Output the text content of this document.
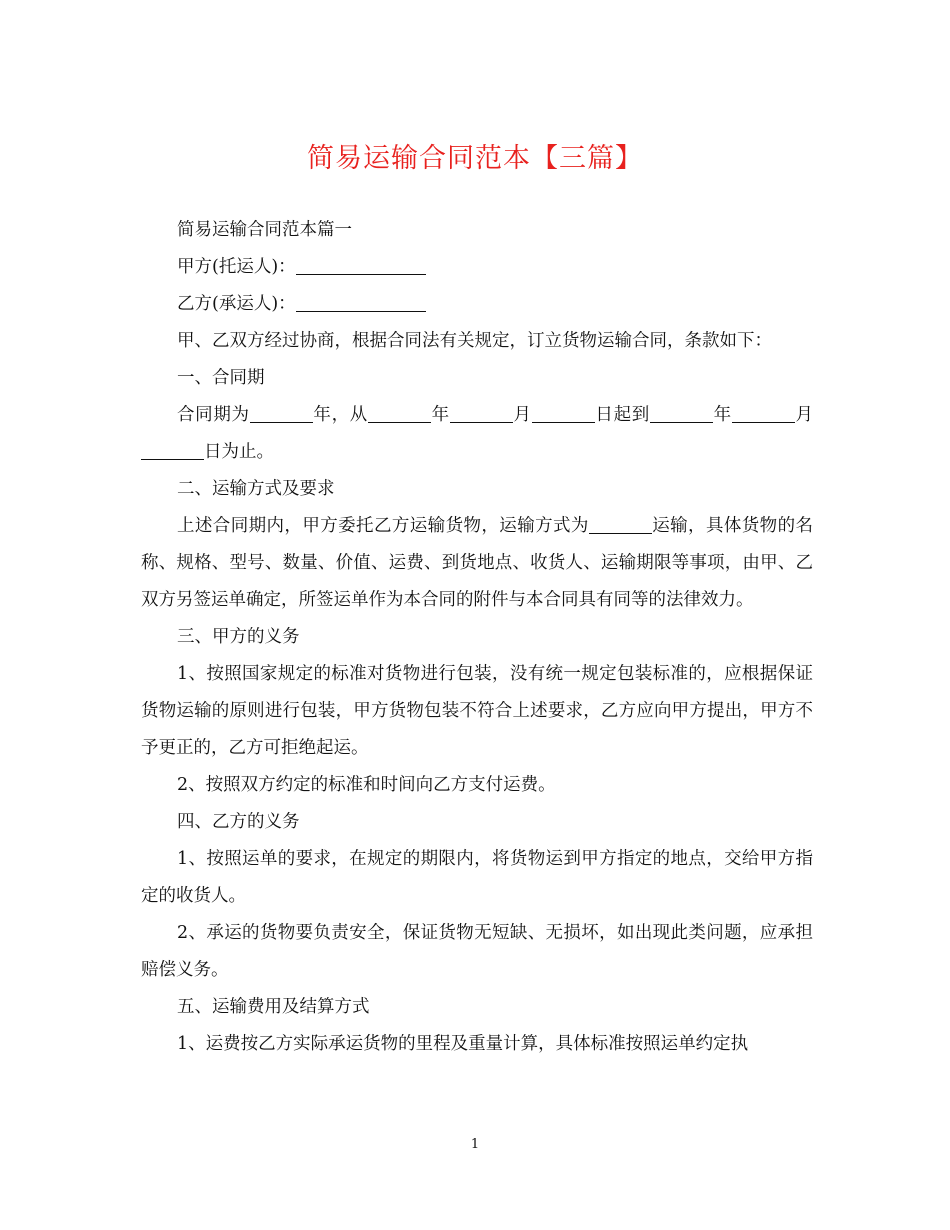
简易运输合同范本【三篇】

简易运输合同范本篇一

甲方(托运人)：

乙方(承运人)：

甲、乙双方经过协商，根据合同法有关规定，订立货物运输合同，条款如下：

一、合同期

合同期为	年，从	年	月	日起到	年	月日为止。

二、运输方式及要求

上述合同期内，甲方委托乙方运输货物，运输方式为	运输，具体货物的名称、规格、型号、数量、价值、运费、到货地点、收货人、运输期限等事项，由甲、乙双方另签运单确定，所签运单作为本合同的附件与本合同具有同等的法律效力。

三、甲方的义务

1、按照国家规定的标准对货物进行包装，没有统一规定包装标准的，应根据保证货物运输的原则进行包装，甲方货物包装不符合上述要求，乙方应向甲方提出，甲方不予更正的，乙方可拒绝起运。

2、按照双方约定的标准和时间向乙方支付运费。

四、乙方的义务

1、按照运单的要求，在规定的期限内，将货物运到甲方指定的地点，交给甲方指定的收货人。

2、承运的货物要负责安全，保证货物无短缺、无损坏，如出现此类问题，应承担赔偿义务。

五、运输费用及结算方式

1、运费按乙方实际承运货物的里程及重量计算，具体标准按照运单约定执

1
